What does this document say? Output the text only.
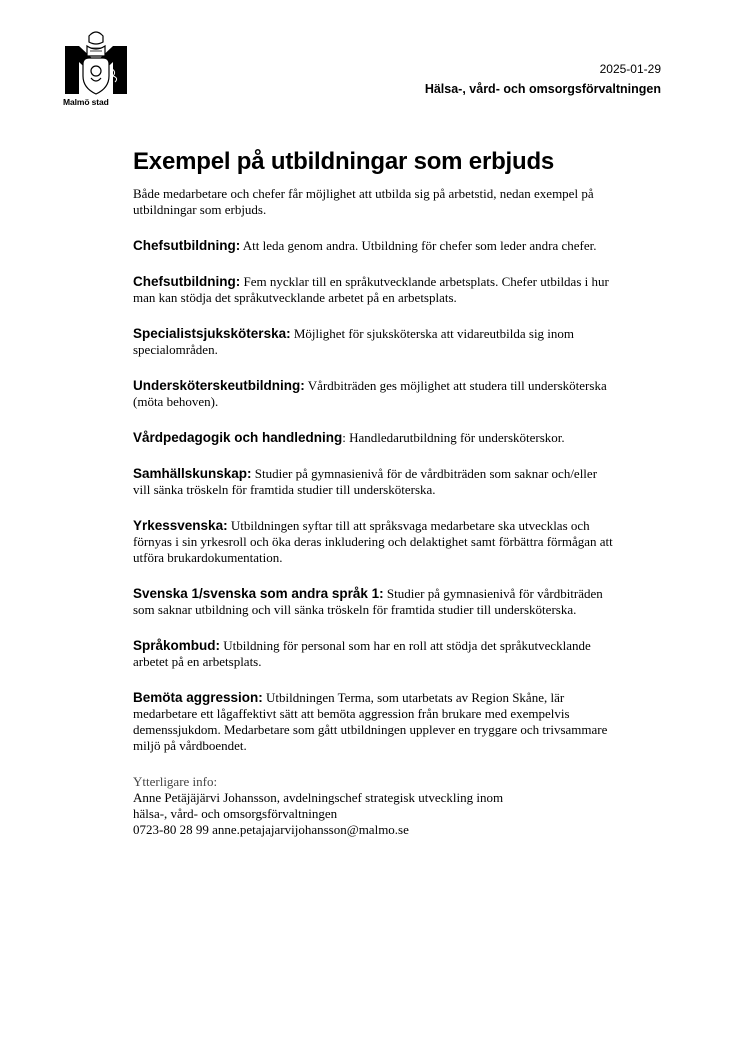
Malmö stad
2025-01-29
Hälsa-, vård- och omsorgsförvaltningen
Exempel på utbildningar som erbjuds

Både medarbetare och chefer får möjlighet att utbilda sig på arbetstid, nedan exempel på utbildningar som erbjuds.

Chefsutbildning: Att leda genom andra. Utbildning för chefer som leder andra chefer.

Chefsutbildning: Fem nycklar till en språkutvecklande arbetsplats. Chefer utbildas i hur man kan stödja det språkutvecklande arbetet på en arbetsplats.

Specialistsjuksköterska: Möjlighet för sjuksköterska att vidareutbilda sig inom specialområden.

Undersköterskeutbildning: Vårdbiträden ges möjlighet att studera till undersköterska (möta behoven).

Vårdpedagogik och handledning: Handledarutbildning för undersköterskor.

Samhällskunskap: Studier på gymnasienivå för de vårdbiträden som saknar och/eller vill sänka tröskeln för framtida studier till undersköterska.

Yrkessvenska: Utbildningen syftar till att språksvaga medarbetare ska utvecklas och förnyas i sin yrkesroll och öka deras inkludering och delaktighet samt förbättra förmågan att utföra brukardokumentation.

Svenska 1/svenska som andra språk 1: Studier på gymnasienivå för vårdbiträden som saknar utbildning och vill sänka tröskeln för framtida studier till undersköterska.

Språkombud: Utbildning för personal som har en roll att stödja det språkutvecklande arbetet på en arbetsplats.

Bemöta aggression: Utbildningen Terma, som utarbetats av Region Skåne, lär medarbetare ett lågaffektivt sätt att bemöta aggression från brukare med exempelvis demenssjukdom. Medarbetare som gått utbildningen upplever en tryggare och trivsammare miljö på vårdboendet.

Ytterligare info:
Anne Petäjäjärvi Johansson, avdelningschef strategisk utveckling inom
hälsa-, vård- och omsorgsförvaltningen
0723-80 28 99 anne.petajajarvijohansson@malmo.se
